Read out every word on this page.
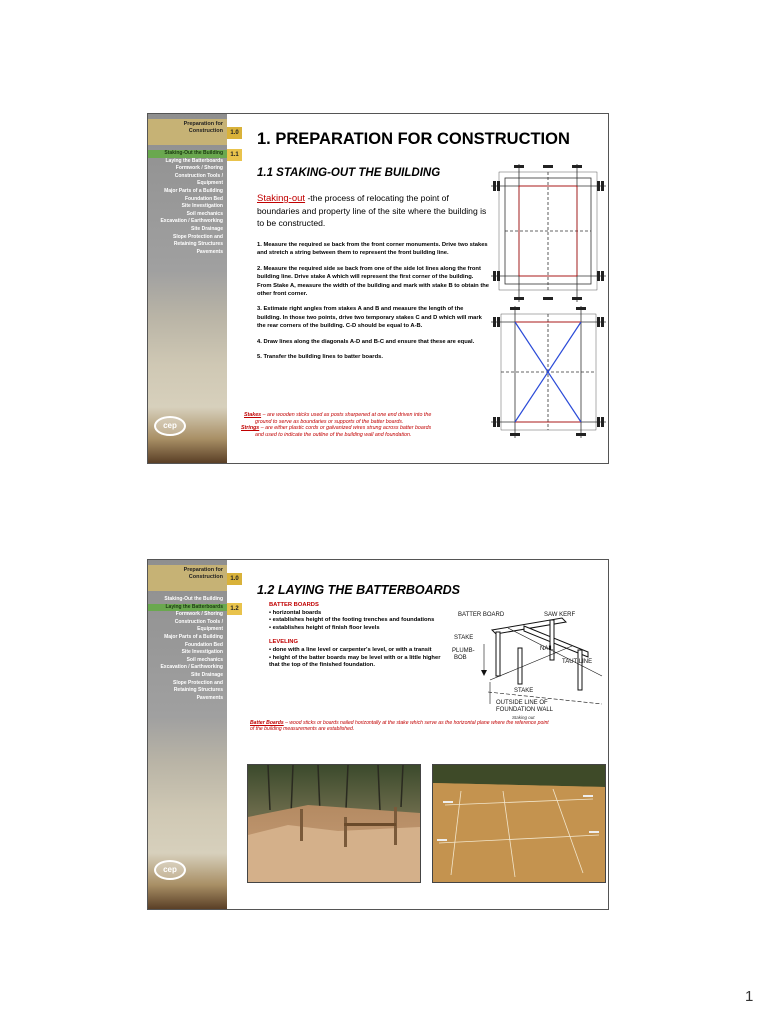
Preparation for
Construction
Staking-Out the Building
Laying the Batterboards
Formwork / Shoring
Construction Tools /
Equipment
Major Parts of a Building
Foundation Bed
Site Investigation
Soil mechanics
Excavation / Earthworking
Site Drainage
Slope Protection and
Retaining Structures
Pavements
cep
1.0
1.1
1. PREPARATION FOR CONSTRUCTION
1.1 STAKING-OUT THE BUILDING
Staking-out -the process of relocating the point of boundaries and property line of the site where the building is to be constructed.
1. Measure the required se back from the front corner monuments. Drive two stakes and stretch a string between them to represent the front building line.
2. Measure the required side se back from one of the side lot lines along the front building line. Drive stake A which will represent the first corner of the building. From Stake A, measure the width of the building and mark with stake B to obtain the other front corner.
3. Estimate right angles from stakes A and B and measure the length of the building. In those two points, drive two temporary stakes C and D which will mark the rear corners of the building. C-D should be equal to A-B.
4. Draw lines along the diagonals A-D and B-C and ensure that these are equal.
5. Transfer the building lines to batter boards.
Stakes – are wooden sticks used as posts sharpened at one end driven into the
ground to serve as boundaries or supports of the batter boards.
Strings – are either plastic cords or galvanized wires strung across batter boards
and used to indicate the outline of the building wall and foundation.
Preparation for
Construction
Staking-Out the Building
Laying the Batterboards
Formwork / Shoring
Construction Tools /
Equipment
Major Parts of a Building
Foundation Bed
Site Investigation
Soil mechanics
Excavation / Earthworking
Site Drainage
Slope Protection and
Retaining Structures
Pavements
cep
1.0
1.2
1.2 LAYING THE BATTERBOARDS
BATTER BOARDS
• horizontal boards
• establishes height of the footing trenches and foundations
• establishes height of finish floor levels
LEVELING
• done with a line level or carpenter's level, or with a transit
• height of the batter boards may be level with or a little higher that the top of the finished foundation.
BATTER BOARD	SAW KERF
STAKE
PLUMB-
BOB
NAIL
TAUT LINE
STAKE
OUTSIDE LINE OF
FOUNDATION WALL
Staking out
Batter Boards – wood sticks or boards nailed horizontally at the stake which serve as the horizontal plane where the reference point of the building measurements are established.
1
